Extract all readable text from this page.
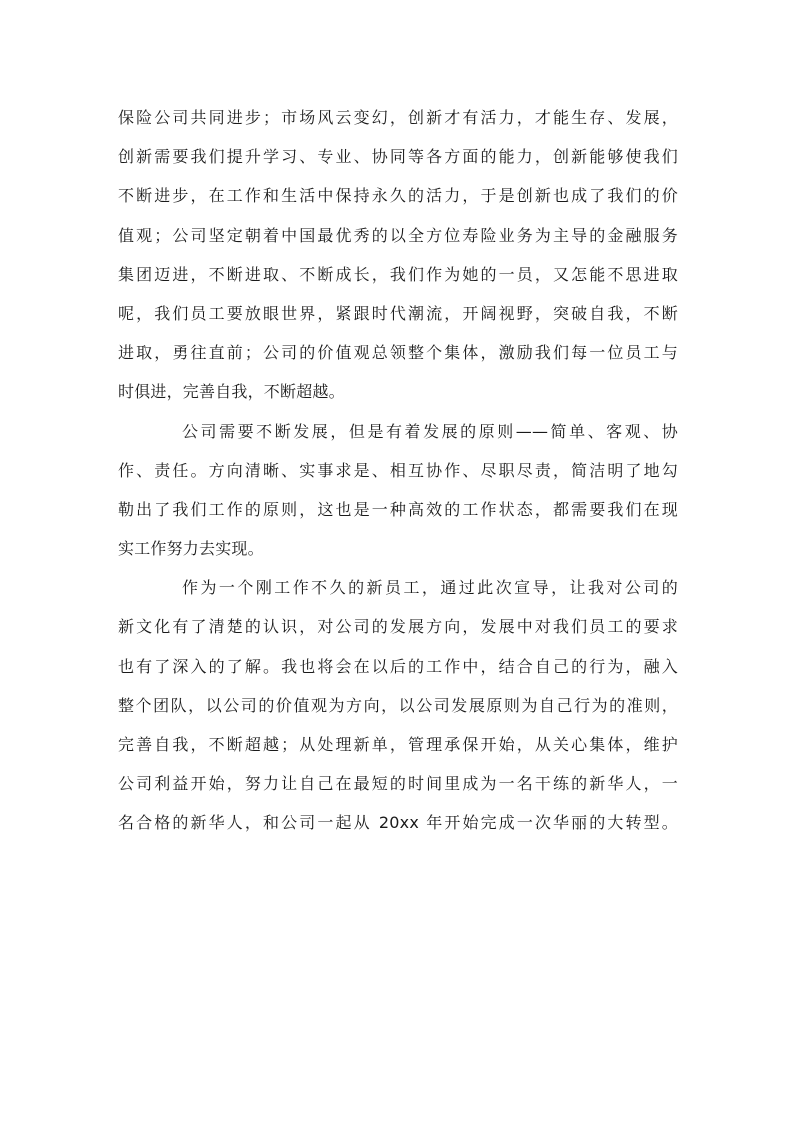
保险公司共同进步；市场风云变幻，创新才有活力，才能生存、发展，
创新需要我们提升学习、专业、协同等各方面的能力，创新能够使我们
不断进步，在工作和生活中保持永久的活力，于是创新也成了我们的价
值观；公司坚定朝着中国最优秀的以全方位寿险业务为主导的金融服务
集团迈进，不断进取、不断成长，我们作为她的一员，又怎能不思进取
呢，我们员工要放眼世界，紧跟时代潮流，开阔视野，突破自我，不断
进取，勇往直前；公司的价值观总领整个集体，激励我们每一位员工与
时俱进，完善自我，不断超越。
公司需要不断发展，但是有着发展的原则——简单、客观、协
作、责任。方向清晰、实事求是、相互协作、尽职尽责，简洁明了地勾
勒出了我们工作的原则，这也是一种高效的工作状态，都需要我们在现
实工作努力去实现。
作为一个刚工作不久的新员工，通过此次宣导，让我对公司的
新文化有了清楚的认识，对公司的发展方向，发展中对我们员工的要求
也有了深入的了解。我也将会在以后的工作中，结合自己的行为，融入
整个团队，以公司的价值观为方向，以公司发展原则为自己行为的准则，
完善自我，不断超越；从处理新单，管理承保开始，从关心集体，维护
公司利益开始，努力让自己在最短的时间里成为一名干练的新华人，一
名合格的新华人，和公司一起从 20xx 年开始完成一次华丽的大转型。
